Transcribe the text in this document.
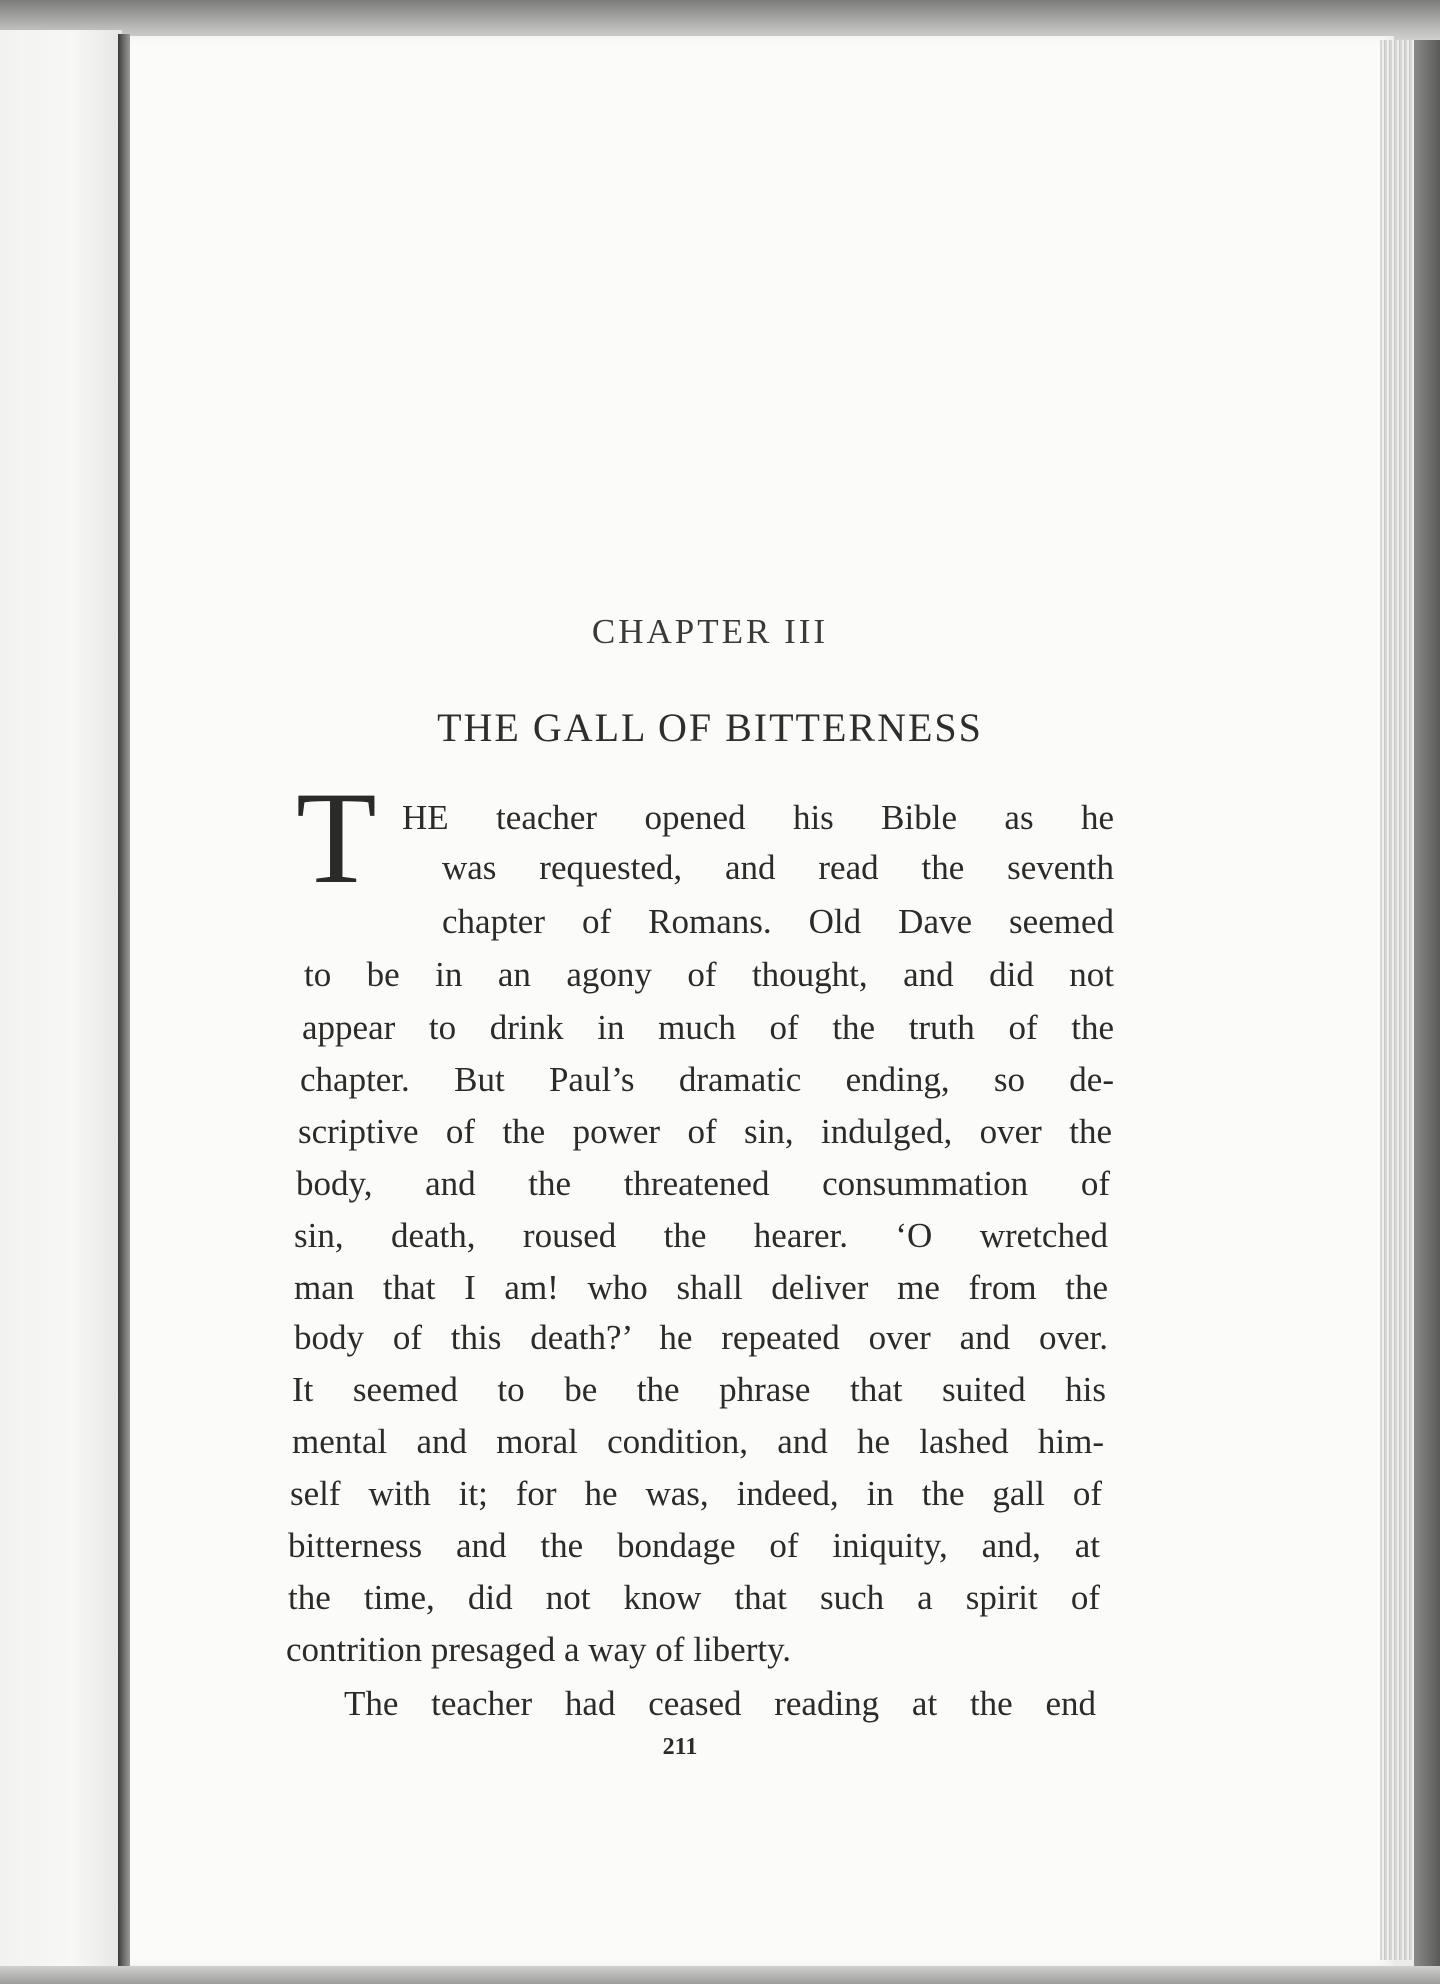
CHAPTER III
THE GALL OF BITTERNESS
T HE teacher opened his Bible as he
was requested, and read the seventh
chapter of Romans. Old Dave seemed
to be in an agony of thought, and did not
appear to drink in much of the truth of the
chapter. But Paul’s dramatic ending, so de-
scriptive of the power of sin, indulged, over the
body, and the threatened consummation of
sin, death, roused the hearer. ‘O wretched
man that I am! who shall deliver me from the
body of this death?’ he repeated over and over.
It seemed to be the phrase that suited his
mental and moral condition, and he lashed him-
self with it; for he was, indeed, in the gall of
bitterness and the bondage of iniquity, and, at
the time, did not know that such a spirit of
contrition presaged a way of liberty.
The teacher had ceased reading at the end
211
